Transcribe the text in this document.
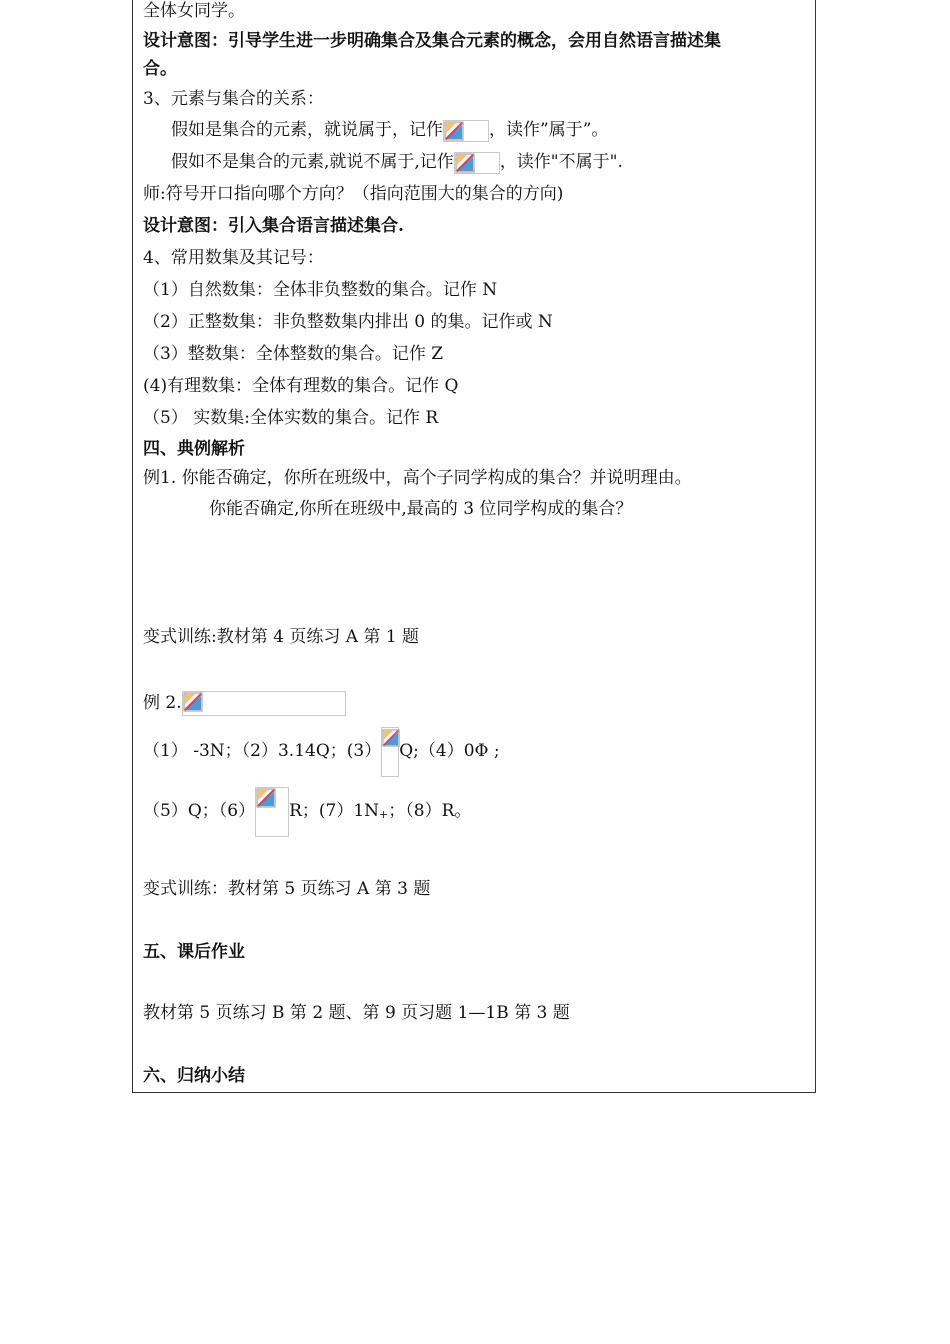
全体女同学。
设计意图：引导学生进一步明确集合及集合元素的概念，会用自然语言描述集
合。
3、元素与集合的关系：
假如是集合的元素，就说属于，记作	，读作”属于”。
假如不是集合的元素,就说不属于,记作	，读作"不属于".
师:符号开口指向哪个方向？（指向范围大的集合的方向)
设计意图：引入集合语言描述集合.
4、常用数集及其记号：
（1）自然数集：全体非负整数的集合。记作 N
（2）正整数集：非负整数集内排出 0 的集。记作或 N
（3）整数集：全体整数的集合。记作 Z
(4)有理数集：全体有理数的集合。记作 Q
（5） 实数集:全体实数的集合。记作 R
四、典例解析
例1. 你能否确定，你所在班级中，高个子同学构成的集合？并说明理由。
你能否确定,你所在班级中,最高的 3 位同学构成的集合？
变式训练:教材第 4 页练习 A 第 1 题
例 2.
（1） -3N；（2）3.14Q；(3） Q;（4）0Φ ;
（5）Q；（6） R；(7）1N+；（8）R。
变式训练：教材第 5 页练习 A 第 3 题
五、课后作业
教材第 5 页练习 B 第 2 题、第 9 页习题 1—1B 第 3 题
六、归纳小结
